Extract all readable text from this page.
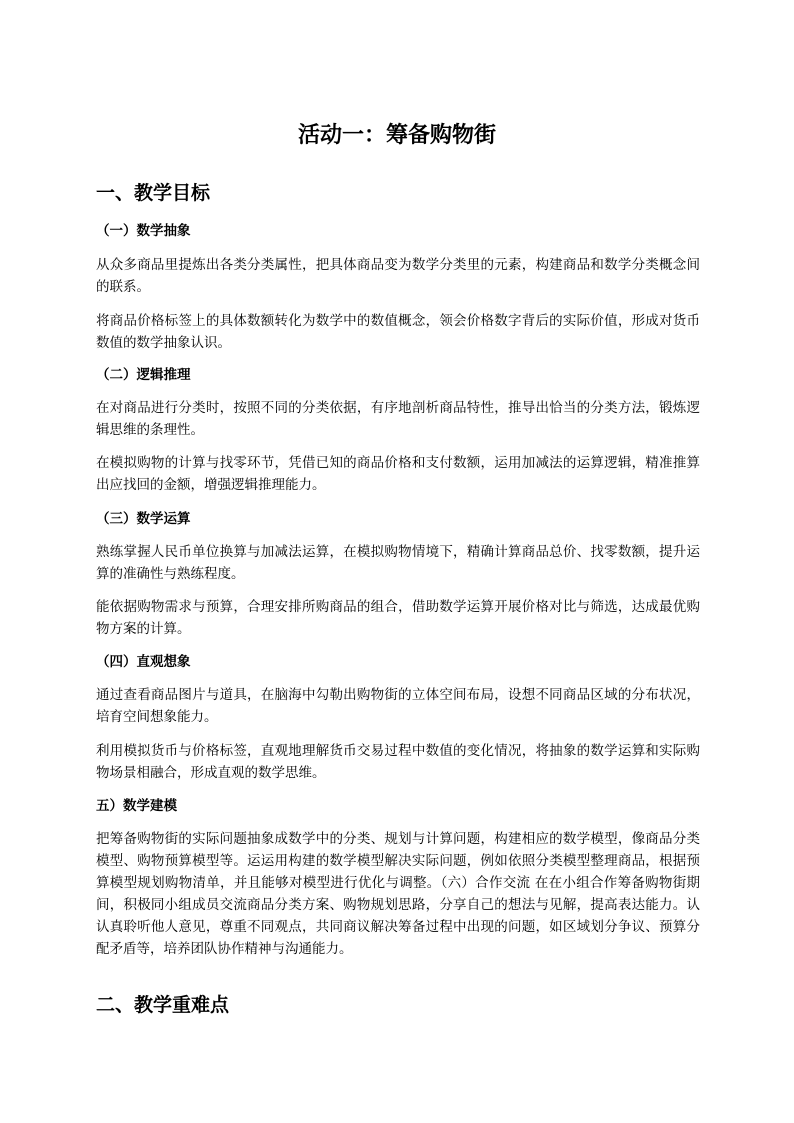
活动一：筹备购物街
一、教学目标
（一）数学抽象

从众多商品里提炼出各类分类属性，把具体商品变为数学分类里的元素，构建商品和数学分类概念间的联系。

将商品价格标签上的具体数额转化为数学中的数值概念，领会价格数字背后的实际价值，形成对货币数值的数学抽象认识。

（二）逻辑推理

在对商品进行分类时，按照不同的分类依据，有序地剖析商品特性，推导出恰当的分类方法，锻炼逻辑思维的条理性。

在模拟购物的计算与找零环节，凭借已知的商品价格和支付数额，运用加减法的运算逻辑，精准推算出应找回的金额，增强逻辑推理能力。

（三）数学运算

熟练掌握人民币单位换算与加减法运算，在模拟购物情境下，精确计算商品总价、找零数额，提升运算的准确性与熟练程度。

能依据购物需求与预算，合理安排所购商品的组合，借助数学运算开展价格对比与筛选，达成最优购物方案的计算。

（四）直观想象

通过查看商品图片与道具，在脑海中勾勒出购物街的立体空间布局，设想不同商品区域的分布状况，培育空间想象能力。

利用模拟货币与价格标签，直观地理解货币交易过程中数值的变化情况，将抽象的数学运算和实际购物场景相融合，形成直观的数学思维。

五）数学建模

把筹备购物街的实际问题抽象成数学中的分类、规划与计算问题，构建相应的数学模型，像商品分类模型、购物预算模型等。运运用构建的数学模型解决实际问题，例如依照分类模型整理商品，根据预算模型规划购物清单，并且能够对模型进行优化与调整。（六）合作交流 在在小组合作筹备购物街期间，积极同小组成员交流商品分类方案、购物规划思路，分享自己的想法与见解，提高表达能力。认认真聆听他人意见，尊重不同观点，共同商议解决筹备过程中出现的问题，如区域划分争议、预算分配矛盾等，培养团队协作精神与沟通能力。

二、教学重难点
